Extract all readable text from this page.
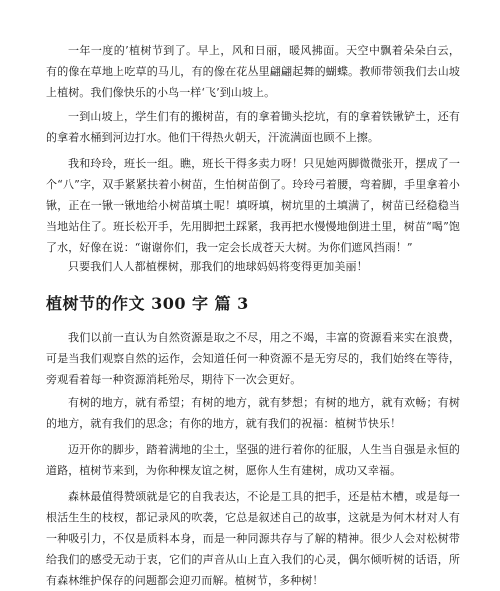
一年一度的’植树节到了。早上，风和日丽，暖风拂面。天空中飘着朵朵白云，有的像在草地上吃草的马儿，有的像在花丛里翩翩起舞的蝴蝶。教师带领我们去山坡上植树。我们像快乐的小鸟一样‘飞’到山坡上。

一到山坡上，学生们有的搬树苗，有的拿着锄头挖坑，有的拿着铁锹铲土，还有的拿着水桶到河边打水。他们干得热火朝天，汗流满面也顾不上擦。

我和玲玲，班长一组。瞧，班长干得多卖力呀！只见她两脚微微张开，摆成了一个“八”字，双手紧紧扶着小树苗，生怕树苗倒了。玲玲弓着腰，弯着脚，手里拿着小锹，正在一锹一锹地给小树苗填土呢！填呀填，树坑里的土填满了，树苗已经稳稳当当地站住了。班长松开手，先用脚把土踩紧，我再把水慢慢地倒进土里，树苗“喝”饱了水，好像在说：“谢谢你们，我一定会长成苍天大树。为你们遮风挡雨！”

只要我们人人都植棵树，那我们的地球妈妈将变得更加美丽！

植树节的作文 300 字 篇 3

我们以前一直认为自然资源是取之不尽，用之不竭，丰富的资源看来实在浪费，可是当我们观察自然的运作，会知道任何一种资源不是无穷尽的，我们始终在等待，旁观看着每一种资源消耗殆尽，期待下一次会更好。

有树的地方，就有希望；有树的地方，就有梦想；有树的地方，就有欢畅；有树的地方，就有我们的思念；有你的地方，就有我们的祝福：植树节快乐！

迈开你的脚步，踏着满地的尘土，坚强的进行着你的征服，人生当自强是永恒的道路，植树节来到，为你种棵友谊之树，愿你人生有建树，成功又幸福。

森林最值得赞颂就是它的自我表达，不论是工具的把手，还是枯木槽，或是每一根活生生的枝杈，都记录风的吹袭，它总是叙述自己的故事，这就是为何木材对人有一种吸引力，不仅是质料本身，而是一种同源共存与了解的精神。很少人会对松树带给我们的感受无动于衷，它们的声音从山上直入我们的心灵，偶尔倾听树的话语，所有森林维护保存的问题都会迎刃而解。植树节，多种树！
